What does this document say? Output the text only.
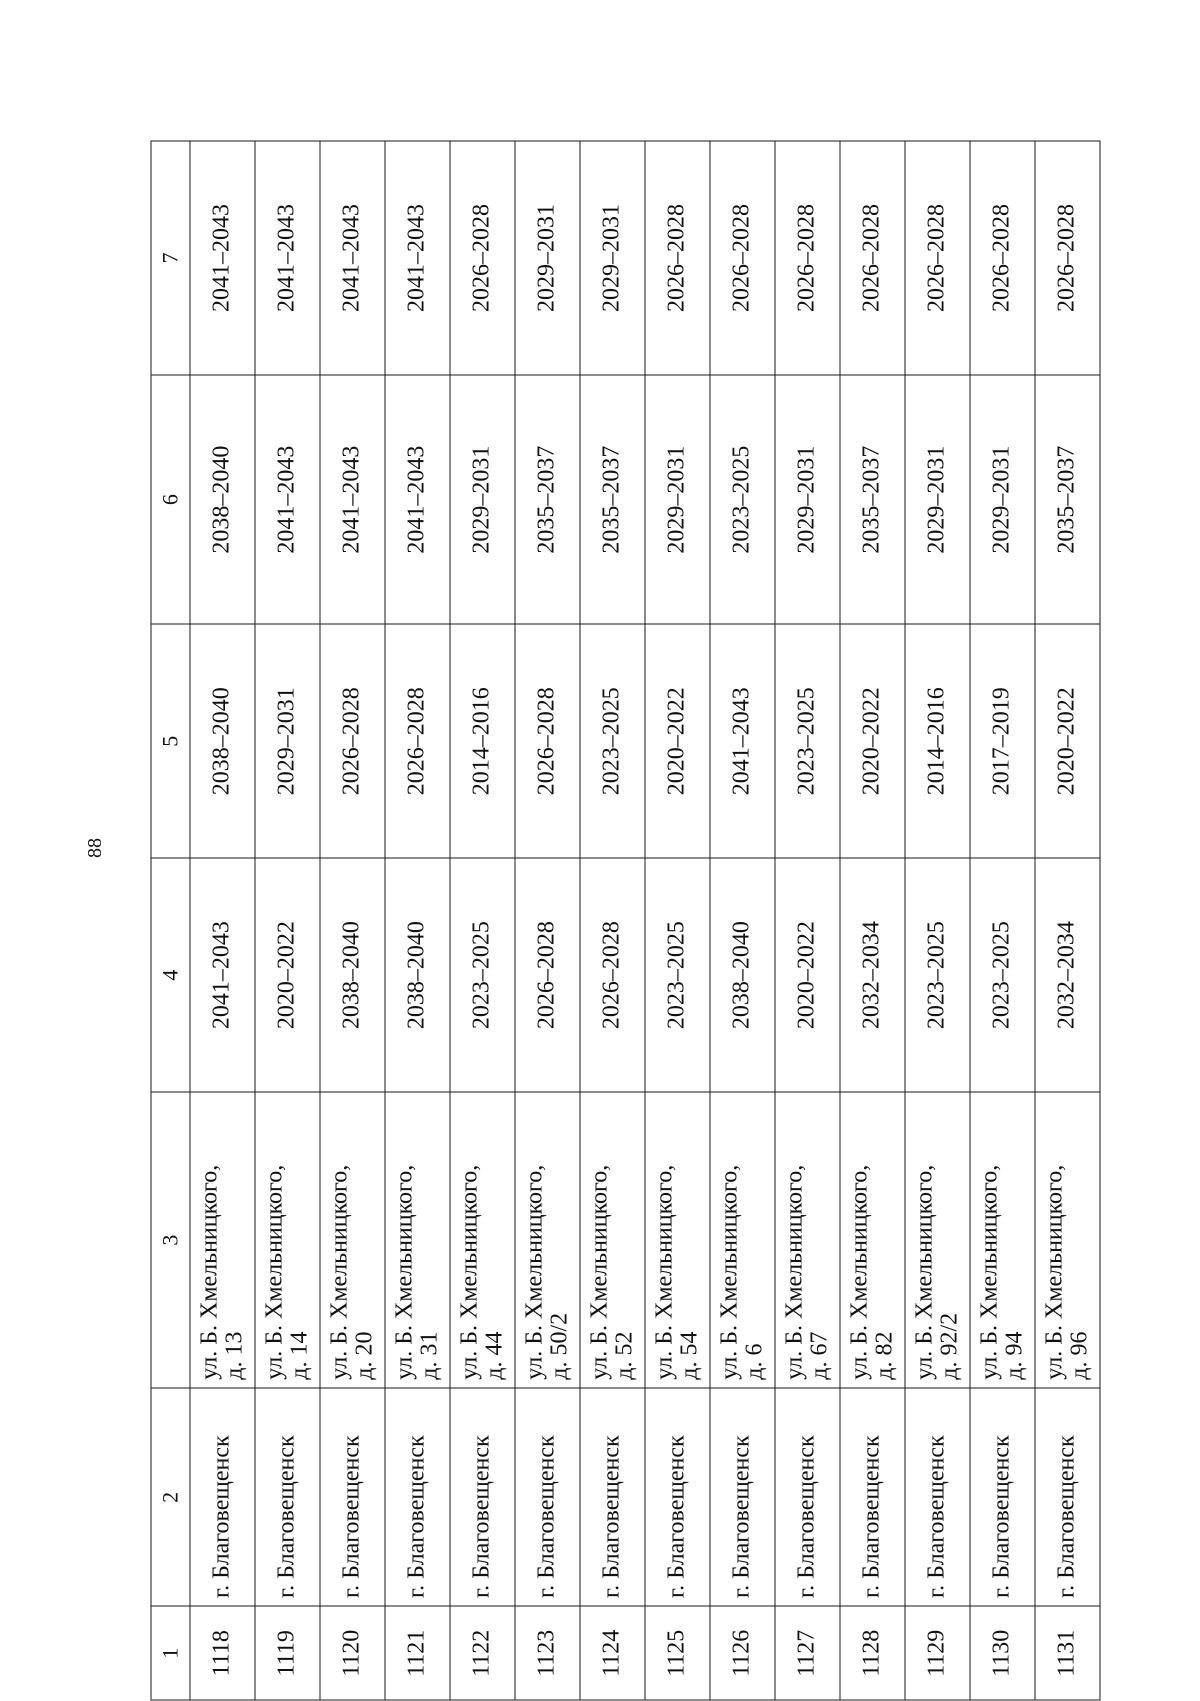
88
1	2	3	4	5	6	7
1118	г. Благовещенск	ул. Б. Хмельницкого, д. 13	2041–2043	2038–2040	2038–2040	2041–2043
1119	г. Благовещенск	ул. Б. Хмельницкого, д. 14	2020–2022	2029–2031	2041–2043	2041–2043
1120	г. Благовещенск	ул. Б. Хмельницкого, д. 20	2038–2040	2026–2028	2041–2043	2041–2043
1121	г. Благовещенск	ул. Б. Хмельницкого, д. 31	2038–2040	2026–2028	2041–2043	2041–2043
1122	г. Благовещенск	ул. Б. Хмельницкого, д. 44	2023–2025	2014–2016	2029–2031	2026–2028
1123	г. Благовещенск	ул. Б. Хмельницкого, д. 50/2	2026–2028	2026–2028	2035–2037	2029–2031
1124	г. Благовещенск	ул. Б. Хмельницкого, д. 52	2026–2028	2023–2025	2035–2037	2029–2031
1125	г. Благовещенск	ул. Б. Хмельницкого, д. 54	2023–2025	2020–2022	2029–2031	2026–2028
1126	г. Благовещенск	ул. Б. Хмельницкого, д. 6	2038–2040	2041–2043	2023–2025	2026–2028
1127	г. Благовещенск	ул. Б. Хмельницкого, д. 67	2020–2022	2023–2025	2029–2031	2026–2028
1128	г. Благовещенск	ул. Б. Хмельницкого, д. 82	2032–2034	2020–2022	2035–2037	2026–2028
1129	г. Благовещенск	ул. Б. Хмельницкого, д. 92/2	2023–2025	2014–2016	2029–2031	2026–2028
1130	г. Благовещенск	ул. Б. Хмельницкого, д. 94	2023–2025	2017–2019	2029–2031	2026–2028
1131	г. Благовещенск	ул. Б. Хмельницкого, д. 96	2032–2034	2020–2022	2035–2037	2026–2028
